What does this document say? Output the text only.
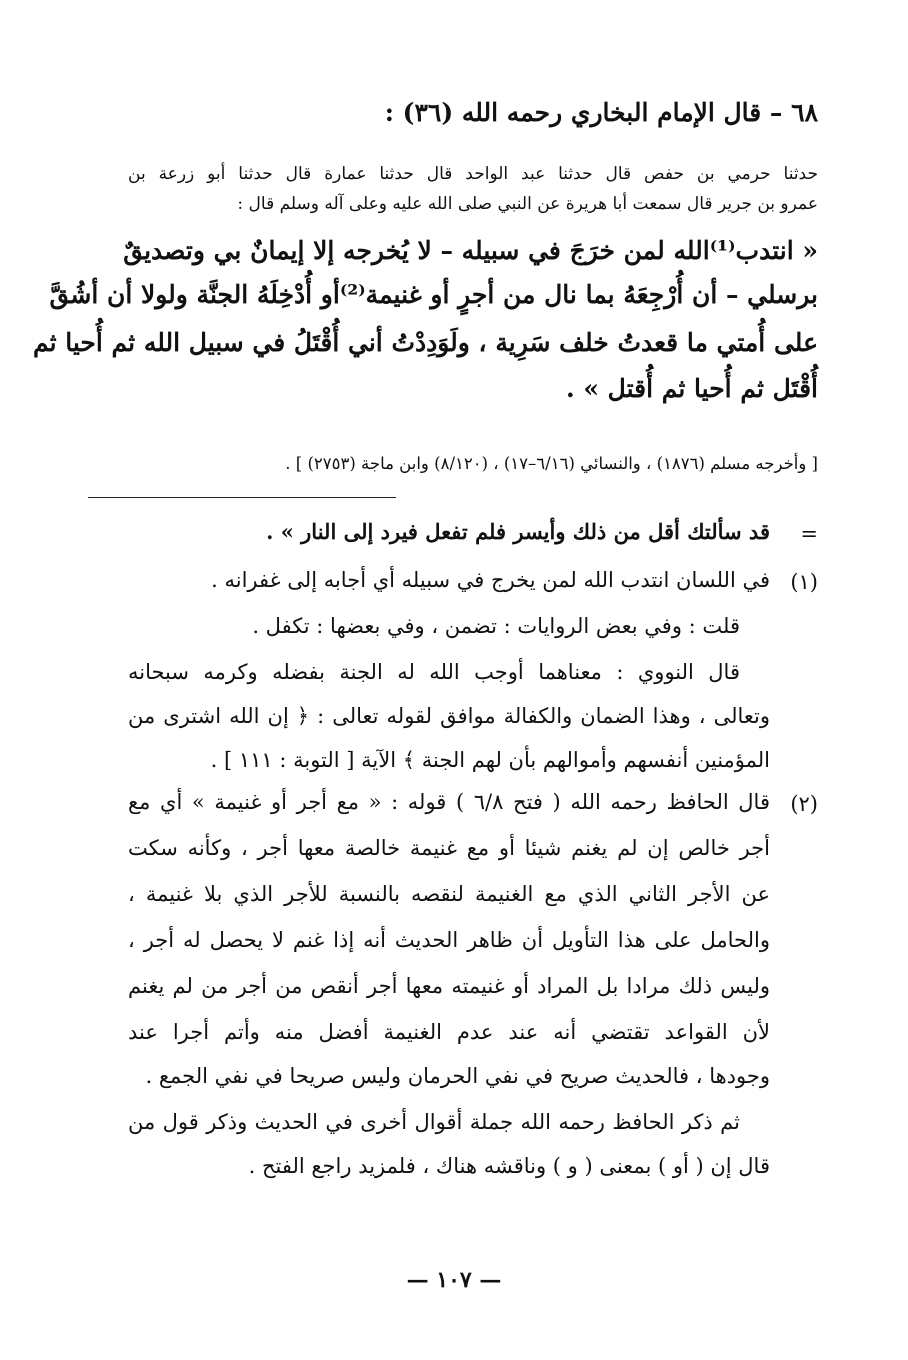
٦٨ – قال الإمام البخاري رحمه الله (٣٦) :
حدثنا حرمي بن حفص قال حدثنا عبد الواحد قال حدثنا عمارة قال حدثنا أبو زرعة بن
عمرو بن جرير قال سمعت أبا هريرة عن النبي صلى الله عليه وعلى آله وسلم قال :
« انتدب⁽¹⁾الله لمن خرَجَ في سبيله – لا يُخرجه إلا إيمانٌ بي وتصديقٌ
برسلي – أن أُرْجِعَهُ بما نال من أجرٍ أو غنيمة⁽²⁾أو أُدْخِلَهُ الجنَّة ولولا أن أشُقَّ
على أُمتي ما قعدتُ خلف سَرِية ، ولَوَدِدْتُ أني أُقْتَلُ في سبيل الله ثم أُحيا ثم
أُقْتَل ثم أُحيا ثم أُقتل » .
[ وأخرجه مسلم (١٨٧٦) ، والنسائي (٦/١٦–١٧) ، (٨/١٢٠) وابن ماجة (٢٧٥٣) ] .
=
قد سألتك أقل من ذلك وأيسر فلم تفعل فيرد إلى النار » .
(١)
في اللسان انتدب الله لمن يخرج في سبيله أي أجابه إلى غفرانه .
قلت : وفي بعض الروايات : تضمن ، وفي بعضها : تكفل .
قال النووي : معناهما أوجب الله له الجنة بفضله وكرمه سبحانه
وتعالى ، وهذا الضمان والكفالة موافق لقوله تعالى : ﴿ إن الله اشترى من
المؤمنين أنفسهم وأموالهم بأن لهم الجنة ﴾ الآية [ التوبة : ١١١ ] .
(٢)
قال الحافظ رحمه الله ( فتح ٦/٨ ) قوله : « مع أجر أو غنيمة » أي مع
أجر خالص إن لم يغنم شيئا أو مع غنيمة خالصة معها أجر ، وكأنه سكت
عن الأجر الثاني الذي مع الغنيمة لنقصه بالنسبة للأجر الذي بلا غنيمة ،
والحامل على هذا التأويل أن ظاهر الحديث أنه إذا غنم لا يحصل له أجر ،
وليس ذلك مرادا بل المراد أو غنيمته معها أجر أنقص من أجر من لم يغنم
لأن القواعد تقتضي أنه عند عدم الغنيمة أفضل منه وأتم أجرا عند
وجودها ، فالحديث صريح في نفي الحرمان وليس صريحا في نفي الجمع .
ثم ذكر الحافظ رحمه الله جملة أقوال أخرى في الحديث وذكر قول من
قال إن ( أو ) بمعنى ( و ) وناقشه هناك ، فلمزيد راجع الفتح .
— ١٠٧ —
